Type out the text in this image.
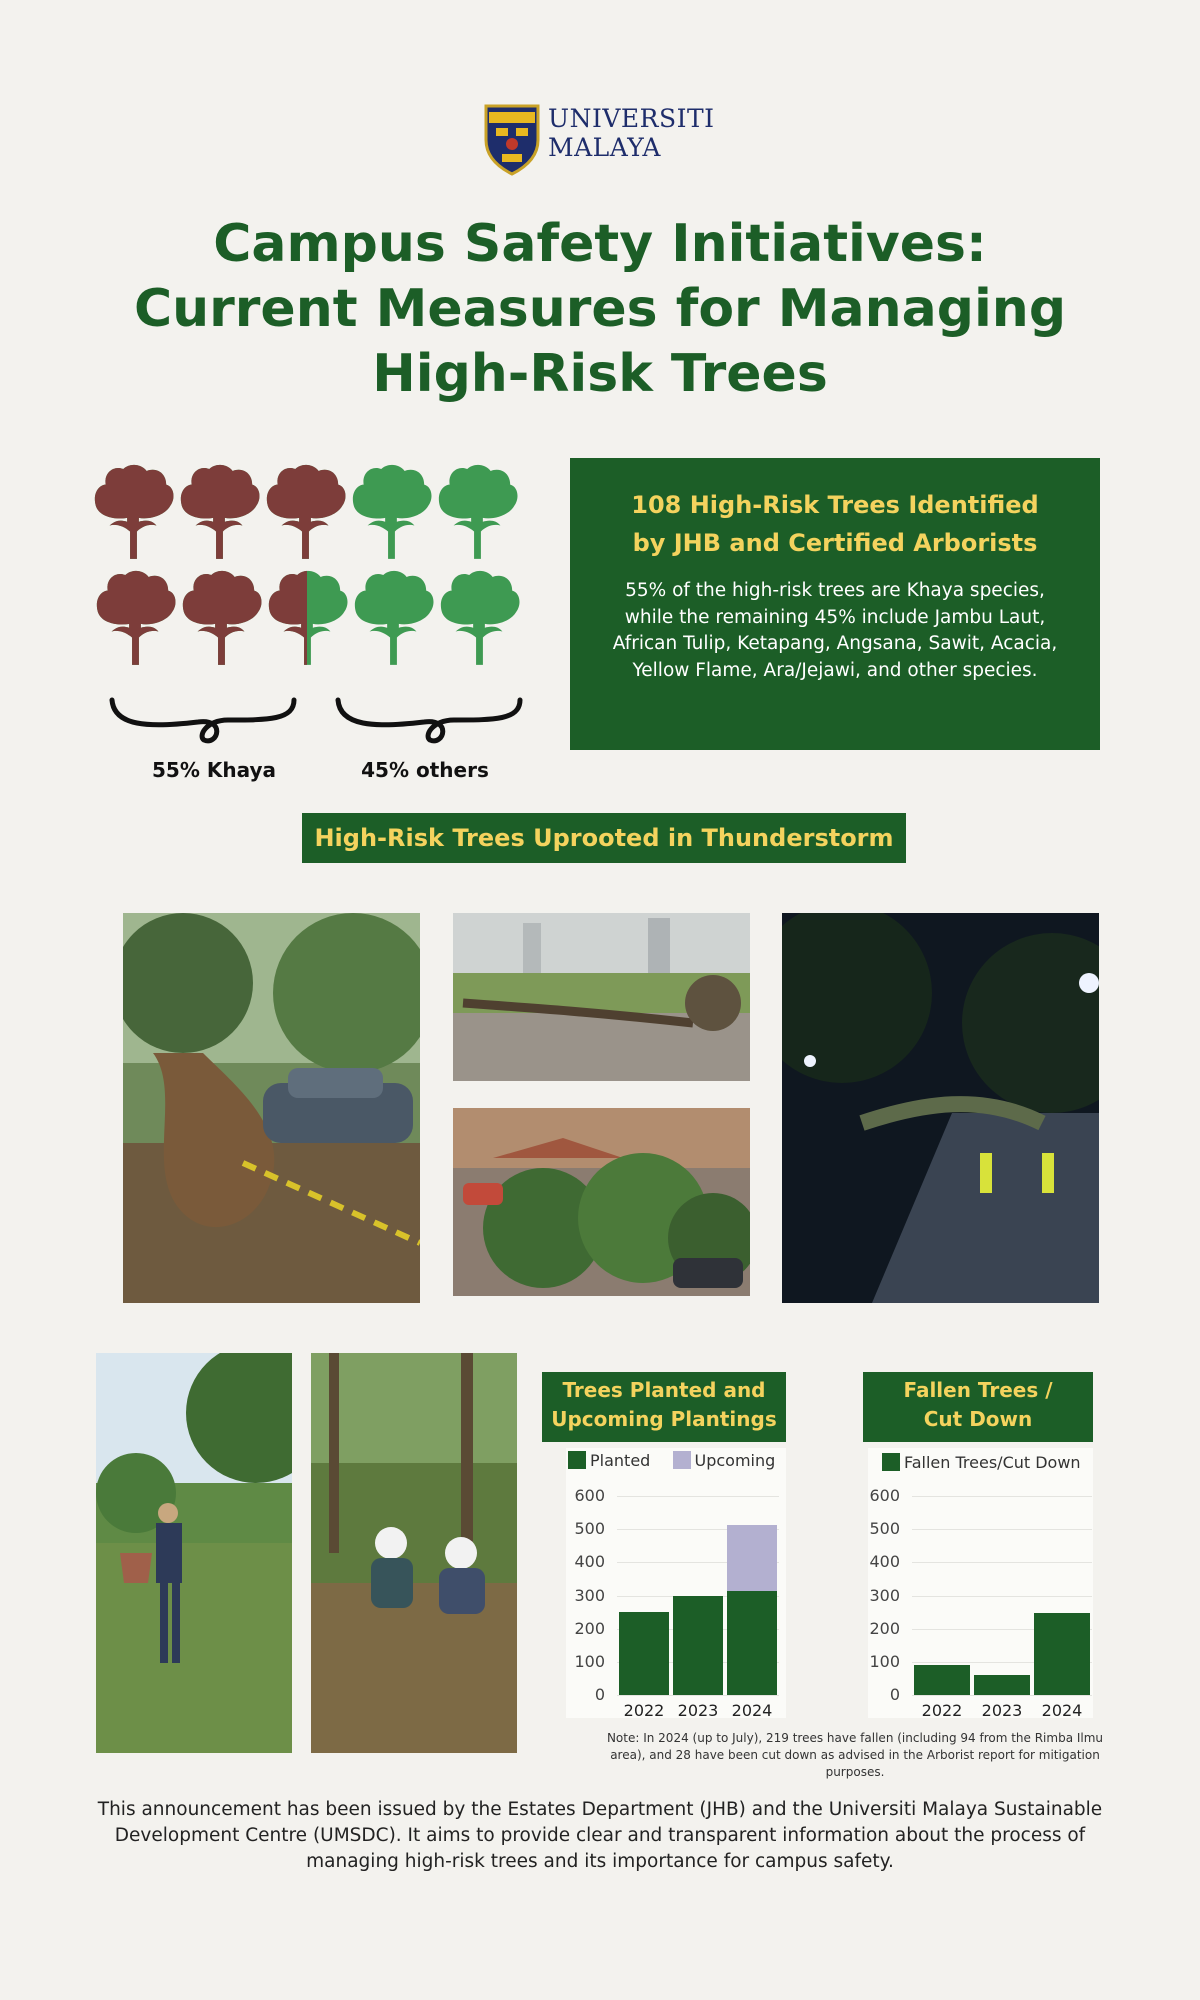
UNIVERSITI
MALAYA
Campus Safety Initiatives:
Current Measures for Managing
High-Risk Trees
55% Khaya	45% others
108 High-Risk Trees Identified
by JHB and Certified Arborists
55% of the high-risk trees are Khaya species, while the remaining 45% include Jambu Laut, African Tulip, Ketapang, Angsana, Sawit, Acacia, Yellow Flame, Ara/Jejawi, and other species.
High-Risk Trees Uprooted in Thunderstorm
Trees Planted and
Upcoming Plantings
Planted	Upcoming
0
100
200
300
400
500
600
2022 2023 2024
Fallen Trees /
Cut Down
Fallen Trees/Cut Down
0
100
200
300
400
500
600
2022	2023	2024
Note: In 2024 (up to July), 219 trees have fallen (including 94 from the Rimba Ilmu area), and 28 have been cut down as advised in the Arborist report for mitigation purposes.
This announcement has been issued by the Estates Department (JHB) and the Universiti Malaya Sustainable Development Centre (UMSDC). It aims to provide clear and transparent information about the process of managing high-risk trees and its importance for campus safety.
